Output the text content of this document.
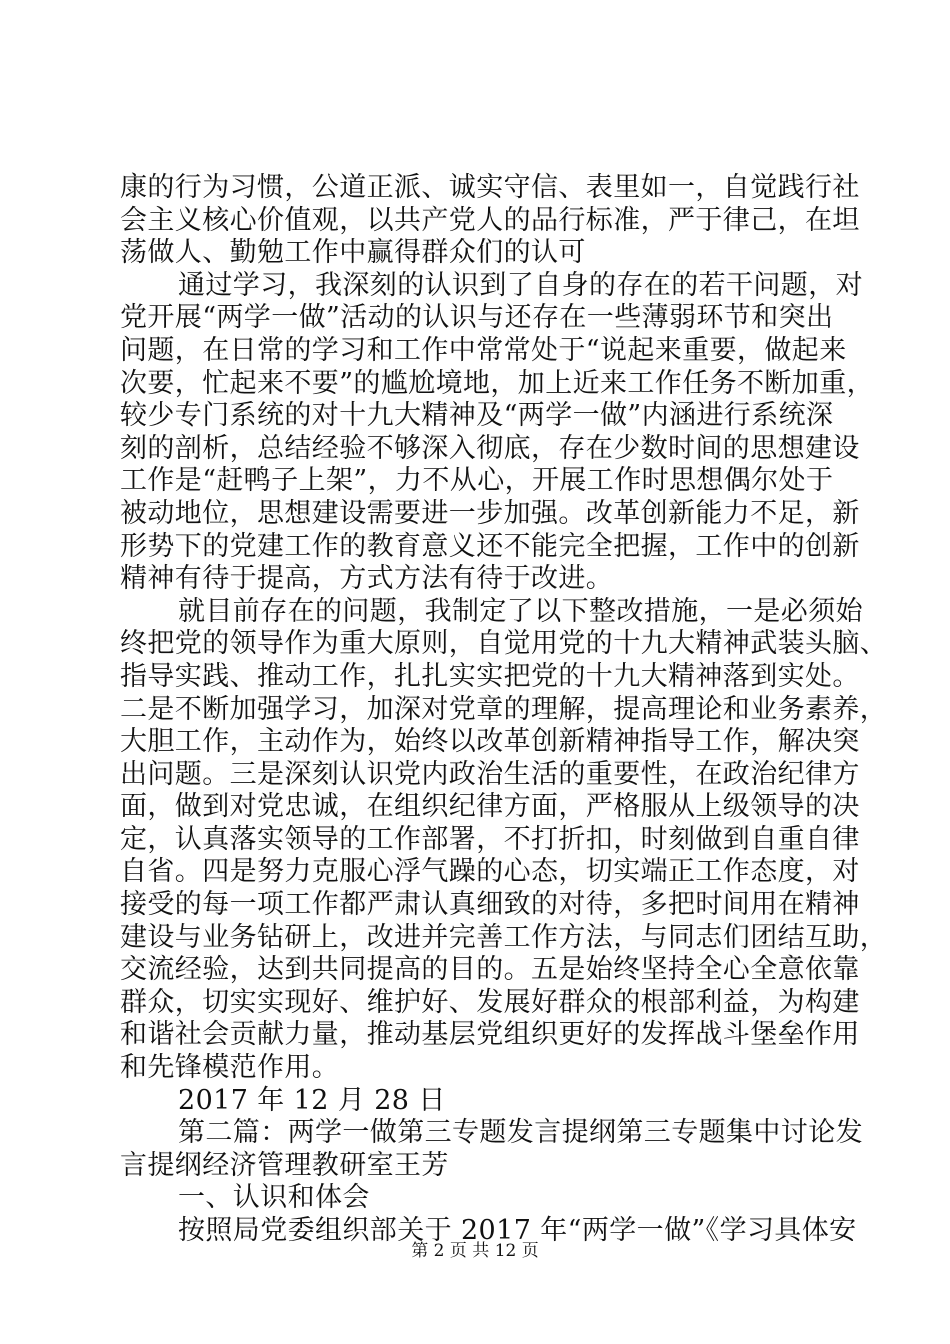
康的行为习惯，公道正派、诚实守信、表里如一，自觉践行社
会主义核心价值观，以共产党人的品行标准，严于律己，在坦
荡做人、勤勉工作中赢得群众们的认可
通过学习，我深刻的认识到了自身的存在的若干问题，对
党开展“两学一做”活动的认识与还存在一些薄弱环节和突出
问题，在日常的学习和工作中常常处于“说起来重要，做起来
次要，忙起来不要”的尴尬境地，加上近来工作任务不断加重，
较少专门系统的对十九大精神及“两学一做”内涵进行系统深
刻的剖析，总结经验不够深入彻底，存在少数时间的思想建设
工作是“赶鸭子上架”，力不从心，开展工作时思想偶尔处于
被动地位，思想建设需要进一步加强。改革创新能力不足，新
形势下的党建工作的教育意义还不能完全把握，工作中的创新
精神有待于提高，方式方法有待于改进。
就目前存在的问题，我制定了以下整改措施，一是必须始
终把党的领导作为重大原则，自觉用党的十九大精神武装头脑、
指导实践、推动工作，扎扎实实把党的十九大精神落到实处。
二是不断加强学习，加深对党章的理解，提高理论和业务素养，
大胆工作，主动作为，始终以改革创新精神指导工作，解决突
出问题。三是深刻认识党内政治生活的重要性，在政治纪律方
面，做到对党忠诚，在组织纪律方面，严格服从上级领导的决
定，认真落实领导的工作部署，不打折扣，时刻做到自重自律
自省。四是努力克服心浮气躁的心态，切实端正工作态度，对
接受的每一项工作都严肃认真细致的对待，多把时间用在精神
建设与业务钻研上，改进并完善工作方法，与同志们团结互助，
交流经验，达到共同提高的目的。五是始终坚持全心全意依靠
群众，切实实现好、维护好、发展好群众的根部利益，为构建
和谐社会贡献力量，推动基层党组织更好的发挥战斗堡垒作用
和先锋模范作用。
2017 年 12 月 28 日
第二篇：两学一做第三专题发言提纲第三专题集中讨论发
言提纲经济管理教研室王芳
一、认识和体会
按照局党委组织部关于 2017 年“两学一做”《学习具体安
第 2 页 共 12 页
